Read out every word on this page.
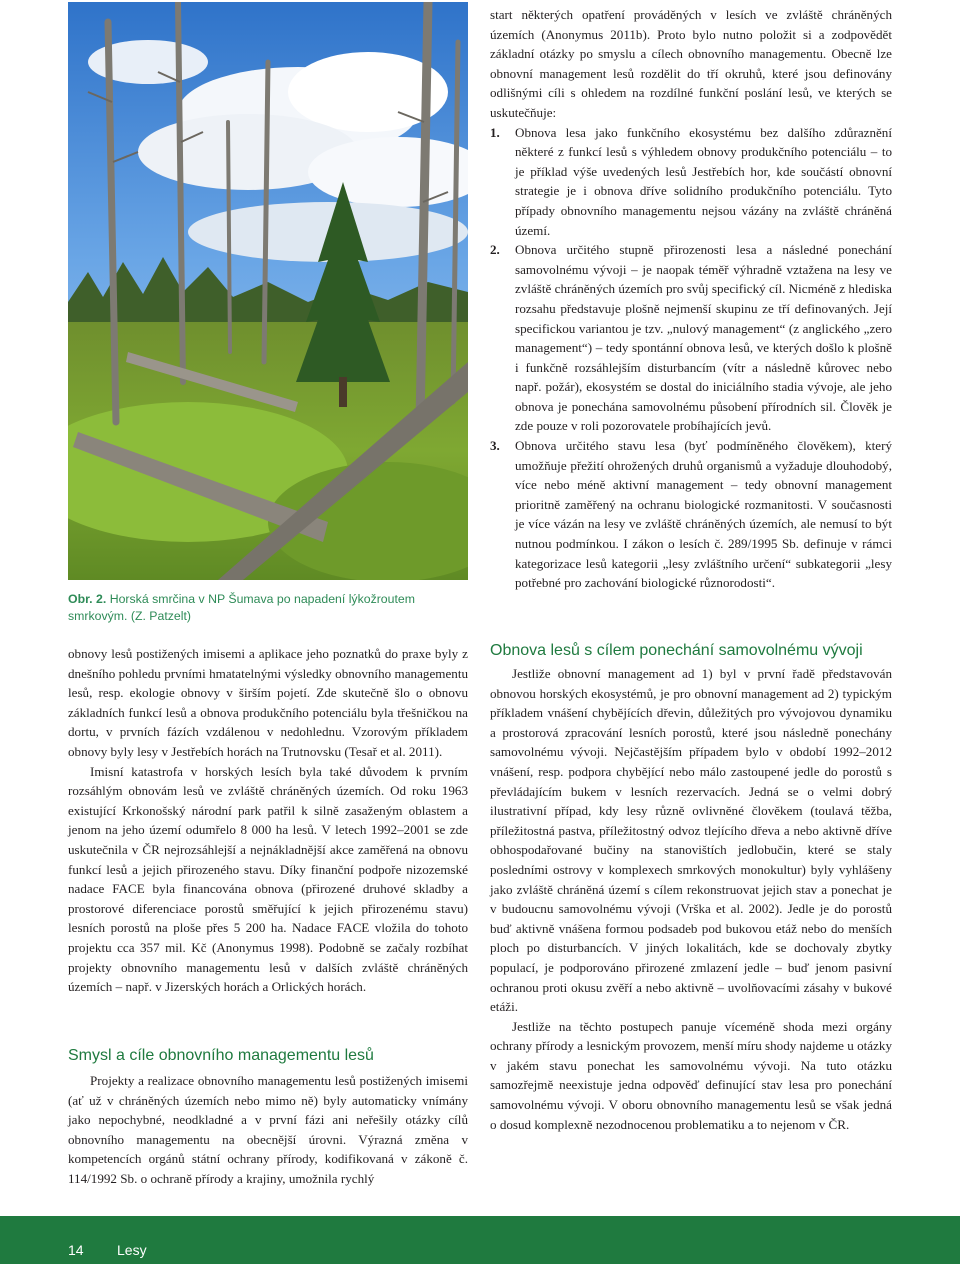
Obr. 2. Horská smrčina v NP Šumava po napadení lýkožroutem smrkovým. (Z. Patzelt)

obnovy lesů postižených imisemi a aplikace jeho poznatků do praxe byly z dnešního pohledu prvními hmatatelnými výsledky obnovního managementu lesů, resp. ekologie obnovy v širším pojetí. Zde skutečně šlo o obnovu základních funkcí lesů a obnova produkčního potenciálu byla třešničkou na dortu, v prvních fázích vzdálenou v nedohlednu. Vzorovým příkladem obnovy byly lesy v Jestřebích horách na Trutnovsku (Tesař et al. 2011).

Imisní katastrofa v horských lesích byla také důvodem k prvním rozsáhlým obnovám lesů ve zvláště chráněných územích. Od roku 1963 existující Krkonošský národní park patřil k silně zasaženým oblastem a jenom na jeho území odumřelo 8 000 ha lesů. V letech 1992–2001 se zde uskutečnila v ČR nejrozsáhlejší a nejnákladnější akce zaměřená na obnovu funkcí lesů a jejich přirozeného stavu. Díky finanční podpoře nizozemské nadace FACE byla financována obnova (přirozené druhové skladby a prostorové diferenciace porostů směřující k jejich přirozenému stavu) lesních porostů na ploše přes 5 200 ha. Nadace FACE vložila do tohoto projektu cca 357 mil. Kč (Anonymus 1998). Podobně se začaly rozbíhat projekty obnovního managementu lesů v dalších zvláště chráněných územích – např. v Jizerských horách a Orlických horách.

Smysl a cíle obnovního managementu lesů

Projekty a realizace obnovního managementu lesů postižených imisemi (ať už v chráněných územích nebo mimo ně) byly automaticky vnímány jako nepochybné, neodkladné a v první fázi ani neřešily otázky cílů obnovního managementu na obecnější úrovni. Výrazná změna v kompetencích orgánů státní ochrany přírody, kodifikovaná v zákoně č. 114/1992 Sb. o ochraně přírody a krajiny, umožnila rychlý

start některých opatření prováděných v lesích ve zvláště chráněných územích (Anonymus 2011b). Proto bylo nutno položit si a zodpovědět základní otázky po smyslu a cílech obnovního managementu. Obecně lze obnovní management lesů rozdělit do tří okruhů, které jsou definovány odlišnými cíli s ohledem na rozdílné funkční poslání lesů, ve kterých se uskutečňuje:

1. Obnova lesa jako funkčního ekosystému bez dalšího zdůraznění některé z funkcí lesů s výhledem obnovy produkčního potenciálu – to je příklad výše uvedených lesů Jestřebích hor, kde součástí obnovní strategie je i obnova dříve solidního produkčního potenciálu. Tyto případy obnovního managementu nejsou vázány na zvláště chráněná území.
2. Obnova určitého stupně přirozenosti lesa a následné ponechání samovolnému vývoji – je naopak téměř výhradně vztažena na lesy ve zvláště chráněných územích pro svůj specifický cíl. Nicméně z hlediska rozsahu představuje plošně nejmenší skupinu ze tří definovaných. Její specifickou variantou je tzv. „nulový management“ (z anglického „zero management“) – tedy spontánní obnova lesů, ve kterých došlo k plošně i funkčně rozsáhlejším disturbancím (vítr a následně kůrovec nebo např. požár), ekosystém se dostal do iniciálního stadia vývoje, ale jeho obnova je ponechána samovolnému působení přírodních sil. Člověk je zde pouze v roli pozorovatele probíhajících jevů.
3. Obnova určitého stavu lesa (byť podmíněného člověkem), který umožňuje přežití ohrožených druhů organismů a vyžaduje dlouhodobý, více nebo méně aktivní management – tedy obnovní management prioritně zaměřený na ochranu biologické rozmanitosti. V současnosti je více vázán na lesy ve zvláště chráněných územích, ale nemusí to být nutnou podmínkou. I zákon o lesích č. 289/1995 Sb. definuje v rámci kategorizace lesů kategorii „lesy zvláštního určení“ subkategorii „lesy potřebné pro zachování biologické různorodosti“.
Obnova lesů s cílem ponechání samovolnému vývoji

Jestliže obnovní management ad 1) byl v první řadě představován obnovou horských ekosystémů, je pro obnovní management ad 2) typickým příkladem vnášení chybějících dřevin, důležitých pro vývojovou dynamiku a prostorová zpracování lesních porostů, které jsou následně ponechány samovolnému vývoji. Nejčastějším případem bylo v období 1992–2012 vnášení, resp. podpora chybějící nebo málo zastoupené jedle do porostů s převládajícím bukem v lesních rezervacích. Jedná se o velmi dobrý ilustrativní případ, kdy lesy různě ovlivněné člověkem (toulavá těžba, příležitostná pastva, příležitostný odvoz tlejícího dřeva a nebo aktivně dříve obhospodařované bučiny na stanovištích jedlobučin, které se staly posledními ostrovy v komplexech smrkových monokultur) byly vyhlášeny jako zvláště chráněná území s cílem rekonstruovat jejich stav a ponechat je v budoucnu samovolnému vývoji (Vrška et al. 2002). Jedle je do porostů buď aktivně vnášena formou podsadeb pod bukovou etáž nebo do menších ploch po disturbancích. V jiných lokalitách, kde se dochovaly zbytky populací, je podporováno přirozené zmlazení jedle – buď jenom pasivní ochranou proti okusu zvěří a nebo aktivně – uvolňovacími zásahy v bukové etáži.

Jestliže na těchto postupech panuje víceméně shoda mezi orgány ochrany přírody a lesnickým provozem, menší míru shody najdeme u otázky v jakém stavu ponechat les samovolnému vývoji. Na tuto otázku samozřejmě neexistuje jedna odpověď definující stav lesa pro ponechání samovolnému vývoji. V oboru obnovního managementu lesů se však jedná o dosud komplexně nezodnocenou problematiku a to nejenom v ČR.

14 Lesy
